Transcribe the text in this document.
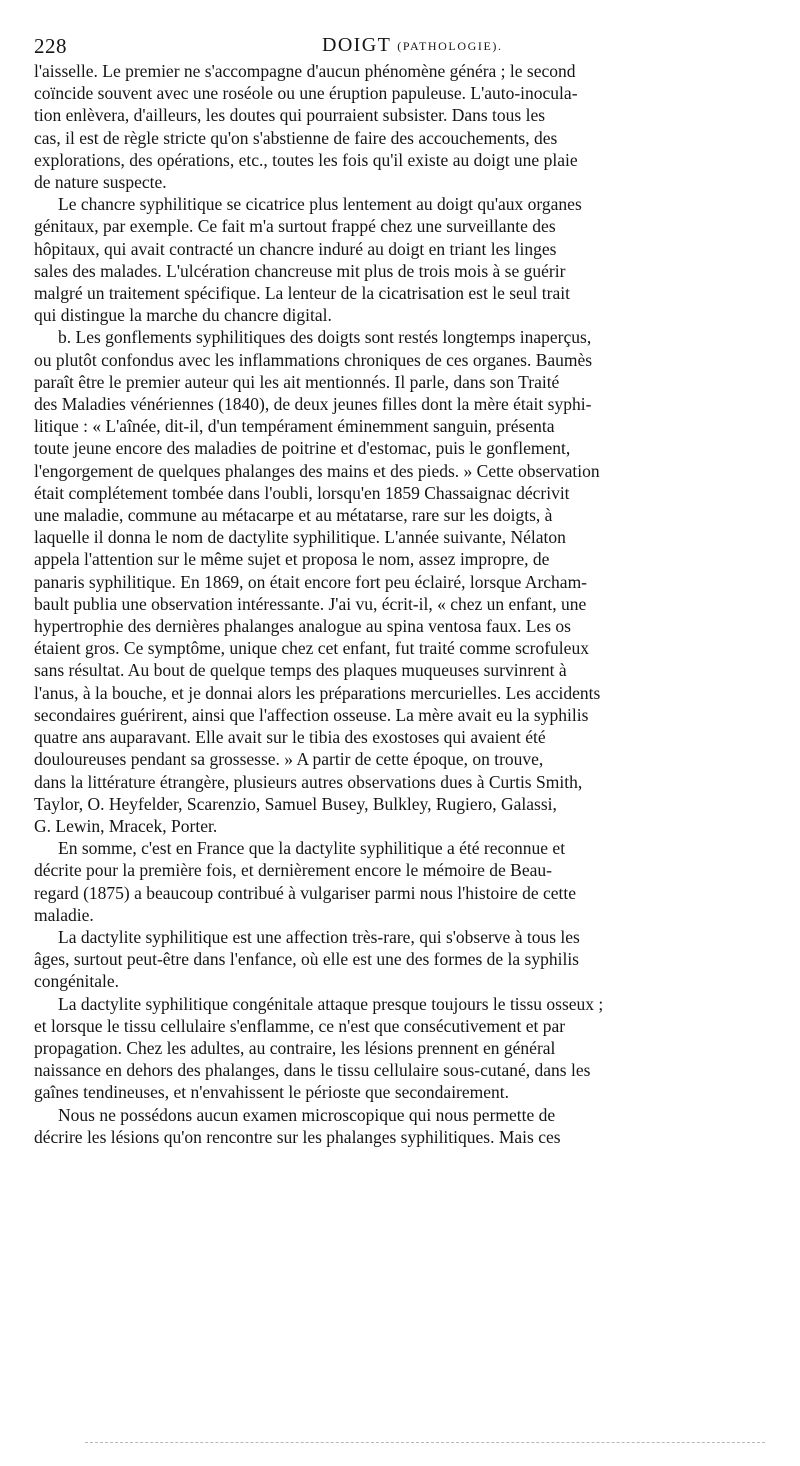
228	DOIGT (PATHOLOGIE).

l'aisselle. Le premier ne s'accompagne d'aucun phénomène généra ; le second
coïncide souvent avec une roséole ou une éruption papuleuse. L'auto-inocula-
tion enlèvera, d'ailleurs, les doutes qui pourraient subsister. Dans tous les
cas, il est de règle stricte qu'on s'abstienne de faire des accouchements, des
explorations, des opérations, etc., toutes les fois qu'il existe au doigt une plaie
de nature suspecte.

Le chancre syphilitique se cicatrice plus lentement au doigt qu'aux organes
génitaux, par exemple. Ce fait m'a surtout frappé chez une surveillante des
hôpitaux, qui avait contracté un chancre induré au doigt en triant les linges
sales des malades. L'ulcération chancreuse mit plus de trois mois à se guérir
malgré un traitement spécifique. La lenteur de la cicatrisation est le seul trait
qui distingue la marche du chancre digital.

b. Les gonflements syphilitiques des doigts sont restés longtemps inaperçus,
ou plutôt confondus avec les inflammations chroniques de ces organes. Baumès
paraît être le premier auteur qui les ait mentionnés. Il parle, dans son Traité
des Maladies vénériennes (1840), de deux jeunes filles dont la mère était syphi-
litique : « L'aînée, dit-il, d'un tempérament éminemment sanguin, présenta
toute jeune encore des maladies de poitrine et d'estomac, puis le gonflement,
l'engorgement de quelques phalanges des mains et des pieds. » Cette observation
était complétement tombée dans l'oubli, lorsqu'en 1859 Chassaignac décrivit
une maladie, commune au métacarpe et au métatarse, rare sur les doigts, à
laquelle il donna le nom de dactylite syphilitique. L'année suivante, Nélaton
appela l'attention sur le même sujet et proposa le nom, assez impropre, de
panaris syphilitique. En 1869, on était encore fort peu éclairé, lorsque Archam-
bault publia une observation intéressante. J'ai vu, écrit-il, « chez un enfant, une
hypertrophie des dernières phalanges analogue au spina ventosa faux. Les os
étaient gros. Ce symptôme, unique chez cet enfant, fut traité comme scrofuleux
sans résultat. Au bout de quelque temps des plaques muqueuses survinrent à
l'anus, à la bouche, et je donnai alors les préparations mercurielles. Les accidents
secondaires guérirent, ainsi que l'affection osseuse. La mère avait eu la syphilis
quatre ans auparavant. Elle avait sur le tibia des exostoses qui avaient été
douloureuses pendant sa grossesse. » A partir de cette époque, on trouve,
dans la littérature étrangère, plusieurs autres observations dues à Curtis Smith,
Taylor, O. Heyfelder, Scarenzio, Samuel Busey, Bulkley, Rugiero, Galassi,
G. Lewin, Mracek, Porter.

En somme, c'est en France que la dactylite syphilitique a été reconnue et
décrite pour la première fois, et dernièrement encore le mémoire de Beau-
regard (1875) a beaucoup contribué à vulgariser parmi nous l'histoire de cette
maladie.

La dactylite syphilitique est une affection très-rare, qui s'observe à tous les
âges, surtout peut-être dans l'enfance, où elle est une des formes de la syphilis
congénitale.

La dactylite syphilitique congénitale attaque presque toujours le tissu osseux ;
et lorsque le tissu cellulaire s'enflamme, ce n'est que consécutivement et par
propagation. Chez les adultes, au contraire, les lésions prennent en général
naissance en dehors des phalanges, dans le tissu cellulaire sous-cutané, dans les
gaînes tendineuses, et n'envahissent le périoste que secondairement.

Nous ne possédons aucun examen microscopique qui nous permette de
décrire les lésions qu'on rencontre sur les phalanges syphilitiques. Mais ces
